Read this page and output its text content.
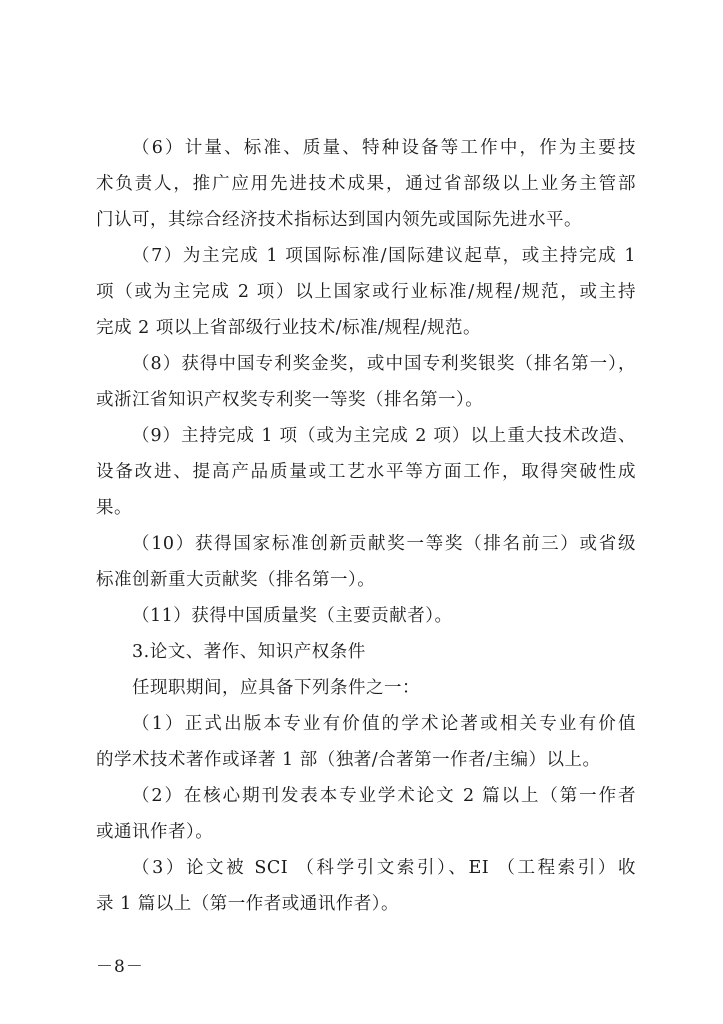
（6）计量、标准、质量、特种设备等工作中，作为主要技
术负责人，推广应用先进技术成果，通过省部级以上业务主管部
门认可，其综合经济技术指标达到国内领先或国际先进水平。
（7）为主完成 1 项国际标准/国际建议起草，或主持完成 1
项（或为主完成 2 项）以上国家或行业标准/规程/规范，或主持
完成 2 项以上省部级行业技术/标准/规程/规范。
（8）获得中国专利奖金奖，或中国专利奖银奖（排名第一），
或浙江省知识产权奖专利奖一等奖（排名第一）。
（9）主持完成 1 项（或为主完成 2 项）以上重大技术改造、
设备改进、提高产品质量或工艺水平等方面工作，取得突破性成
果。
（10）获得国家标准创新贡献奖一等奖（排名前三）或省级
标准创新重大贡献奖（排名第一）。
（11）获得中国质量奖（主要贡献者）。
3.论文、著作、知识产权条件
任现职期间，应具备下列条件之一：
（1）正式出版本专业有价值的学术论著或相关专业有价值
的学术技术著作或译著 1 部（独著/合著第一作者/主编）以上。
（2）在核心期刊发表本专业学术论文 2 篇以上（第一作者
或通讯作者）。
（3）论文被 SCI （科学引文索引）、EI （工程索引）收
录 1 篇以上（第一作者或通讯作者）。
－8－
